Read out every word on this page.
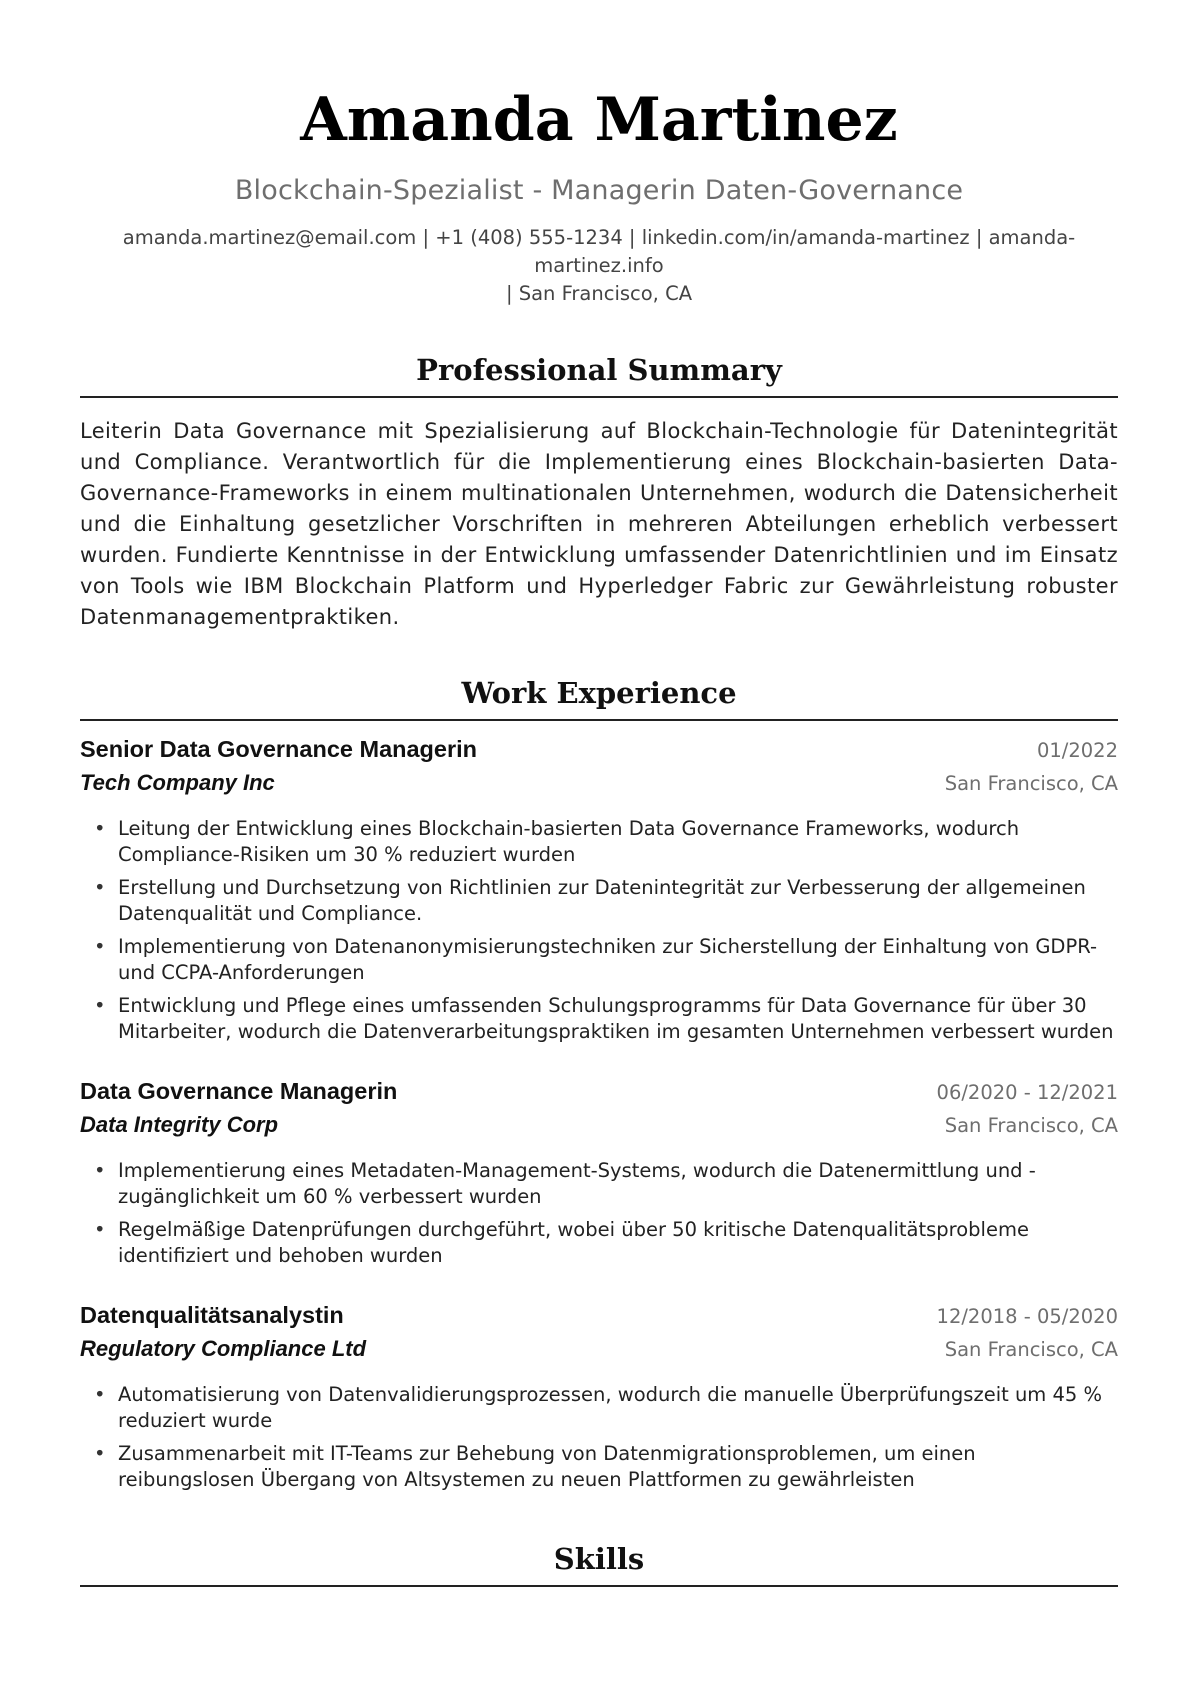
Amanda Martinez
Blockchain-Spezialist - Managerin Daten-Governance
amanda.martinez@email.com | +1 (408) 555-1234 | linkedin.com/in/amanda-martinez | amanda-martinez.info
| San Francisco, CA
Professional Summary
Leiterin Data Governance mit Spezialisierung auf Blockchain-Technologie für Datenintegrität und Compliance. Verantwortlich für die Implementierung eines Blockchain-basierten Data-Governance-Frameworks in einem multinationalen Unternehmen, wodurch die Datensicherheit und die Einhaltung gesetzlicher Vorschriften in mehreren Abteilungen erheblich verbessert wurden. Fundierte Kenntnisse in der Entwicklung umfassender Datenrichtlinien und im Einsatz von Tools wie IBM Blockchain Platform und Hyperledger Fabric zur Gewährleistung robuster Datenmanagementpraktiken.
Work Experience
Senior Data Governance Managerin	01/2022
Tech Company Inc	San Francisco, CA
• Leitung der Entwicklung eines Blockchain-basierten Data Governance Frameworks, wodurch Compliance-Risiken um 30 % reduziert wurden
• Erstellung und Durchsetzung von Richtlinien zur Datenintegrität zur Verbesserung der allgemeinen Datenqualität und Compliance.
• Implementierung von Datenanonymisierungstechniken zur Sicherstellung der Einhaltung von GDPR- und CCPA-Anforderungen
• Entwicklung und Pflege eines umfassenden Schulungsprogramms für Data Governance für über 30 Mitarbeiter, wodurch die Datenverarbeitungspraktiken im gesamten Unternehmen verbessert wurden
Data Governance Managerin	06/2020 - 12/2021
Data Integrity Corp	San Francisco, CA
• Implementierung eines Metadaten-Management-Systems, wodurch die Datenermittlung und -zugänglichkeit um 60 % verbessert wurden
• Regelmäßige Datenprüfungen durchgeführt, wobei über 50 kritische Datenqualitätsprobleme identifiziert und behoben wurden
Datenqualitätsanalystin	12/2018 - 05/2020
Regulatory Compliance Ltd	San Francisco, CA
• Automatisierung von Datenvalidierungsprozessen, wodurch die manuelle Überprüfungszeit um 45 % reduziert wurde
• Zusammenarbeit mit IT-Teams zur Behebung von Datenmigrationsproblemen, um einen reibungslosen Übergang von Altsystemen zu neuen Plattformen zu gewährleisten
Skills
